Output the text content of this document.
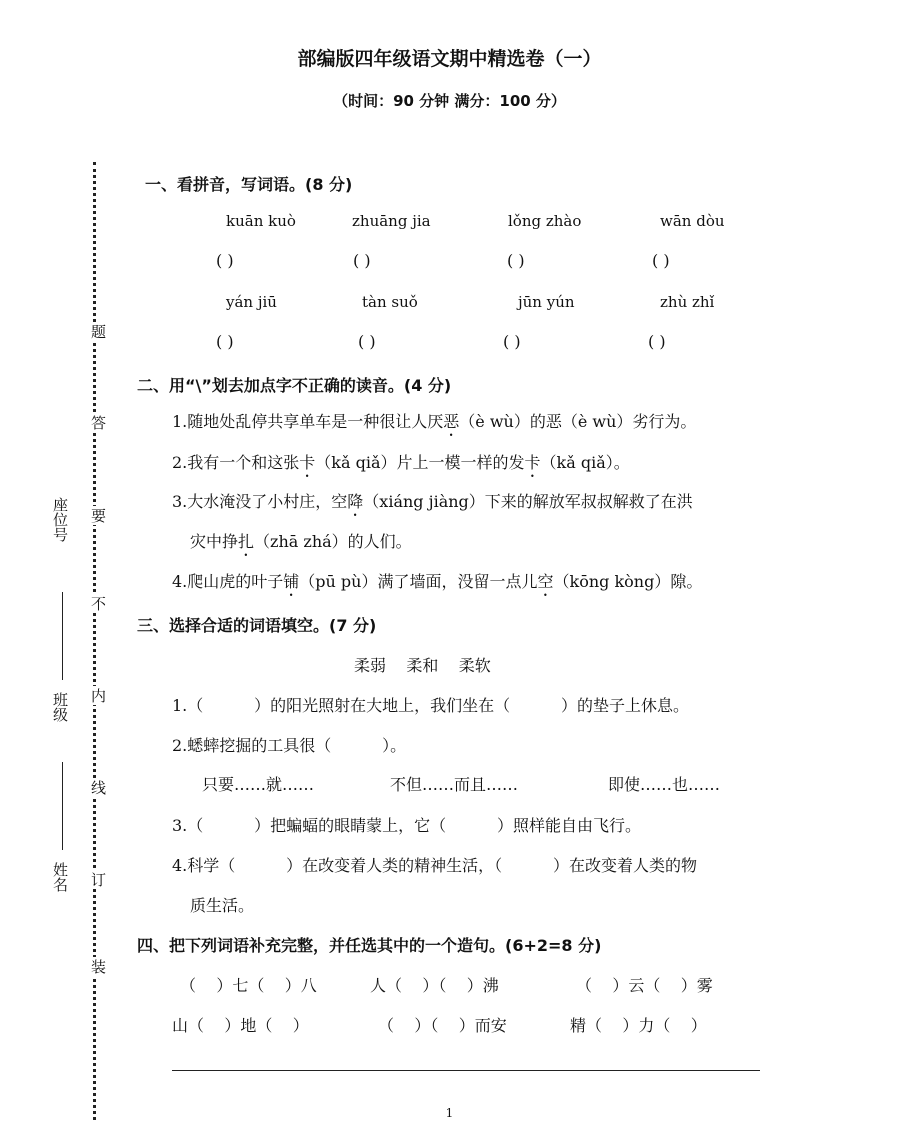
部编版四年级语文期中精选卷（一）
（时间：90 分钟 满分：100 分）
座位号
班级
姓名
题
答
要
不
内
线
订
装
一、看拼音，写词语。(8 分)
kuān kuò	zhuāng jia	lǒng zhào	wān dòu
( )	( )	( )	( )
yán jiū	tàn suǒ	jūn yún	zhù zhǐ
( )	( )	( )	( )
二、用“\”划去加点字不正确的读音。(4 分)
1.随地处乱停共享单车是一种很让人厌恶（è wù）的恶（è wù）劣行为。
2.我有一个和这张卡（kǎ qiǎ）片上一模一样的发卡（kǎ qiǎ）。
3.大水淹没了小村庄，空降（xiáng jiàng）下来的解放军叔叔解救了在洪
灾中挣扎（zhā zhá）的人们。
4.爬山虎的叶子铺（pū pù）满了墙面，没留一点儿空（kōng kòng）隙。
三、选择合适的词语填空。(7 分)
柔弱    柔和    柔软
1.（          ）的阳光照射在大地上，我们坐在（          ）的垫子上休息。
2.蟋蟀挖掘的工具很（          ）。
只要……就……	不但……而且……	即使……也……
3.（          ）把蝙蝠的眼睛蒙上，它（          ）照样能自由飞行。
4.科学（          ）在改变着人类的精神生活，（          ）在改变着人类的物
质生活。
四、把下列词语补充完整，并任选其中的一个造句。(6+2=8 分)
（    ）七（    ）八	人（    ）（    ）沸	（    ）云（    ）雾
山（    ）地（    ）	（    ）（    ）而安	精（    ）力（    ）
1
